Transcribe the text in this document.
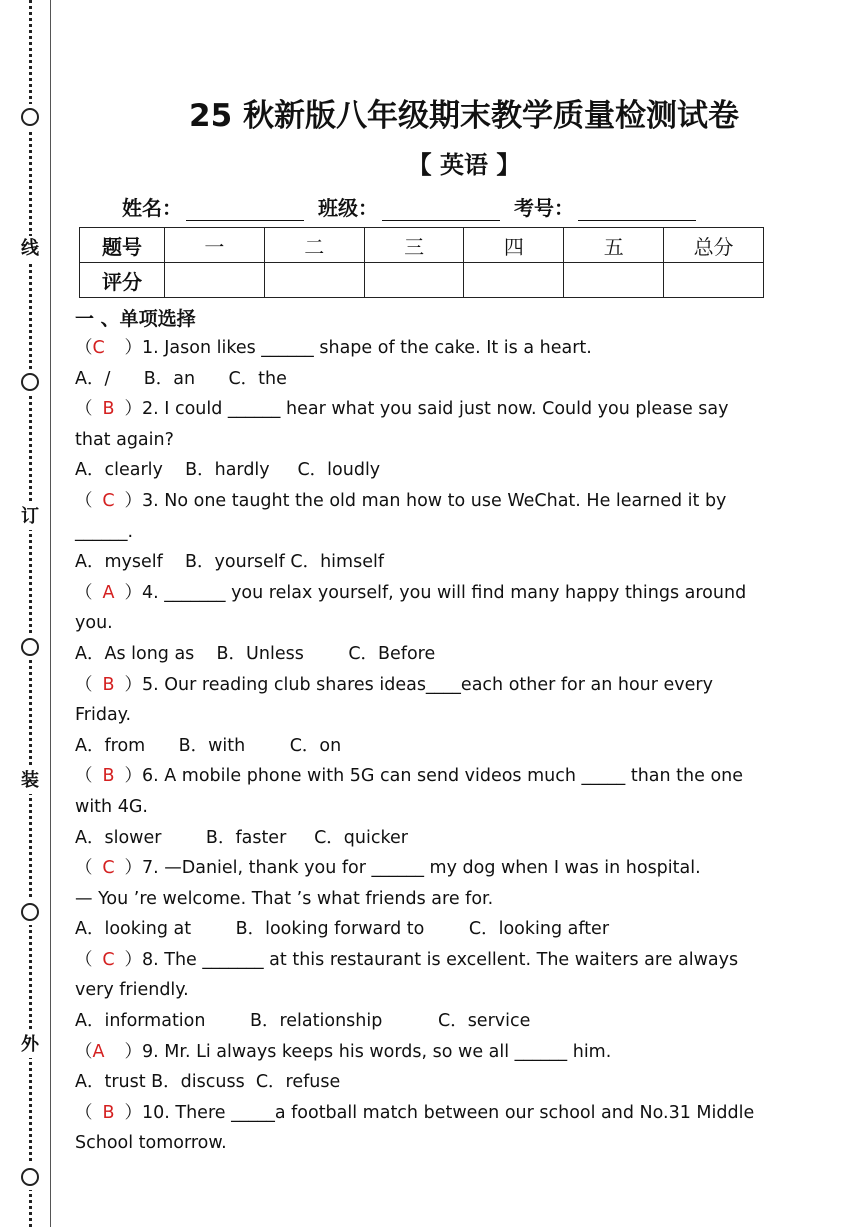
线
订
装
外
25 秋新版八年级期末教学质量检测试卷
【 英语 】
姓名：	班级：	考号：
题号	一	二	三	四	五	总分
评分						
一 、单项选择
（C ）1. Jason likes ______ shape of the cake. It is a heart.
A．/      B．an      C．the
（ B ）2. I could ______ hear what you said just now. Could you please say
that again?
A．clearly    B．hardly     C．loudly
（ C ）3. No one taught the old man how to use WeChat. He learned it by
______.
A．myself    B．yourself C．himself
（ A ）4. _______ you relax yourself, you will find many happy things around
you.
A．As long as    B．Unless        C．Before
（ B ）5. Our reading club shares ideas____each other for an hour every
Friday.
A．from      B．with        C．on
（ B ）6. A mobile phone with 5G can send videos much _____ than the one
with 4G.
A．slower        B．faster     C．quicker
（ C ）7. —Daniel, thank you for ______ my dog when I was in hospital.
— You ’re welcome. That ’s what friends are for.
A．looking at        B．looking forward to        C．looking after
（ C ）8. The _______ at this restaurant is excellent. The waiters are always
very friendly.
A．information        B．relationship          C．service
（A ）9. Mr. Li always keeps his words, so we all ______ him.
A．trust B．discuss  C．refuse
（ B ）10. There _____a football match between our school and No.31 Middle
School tomorrow.
